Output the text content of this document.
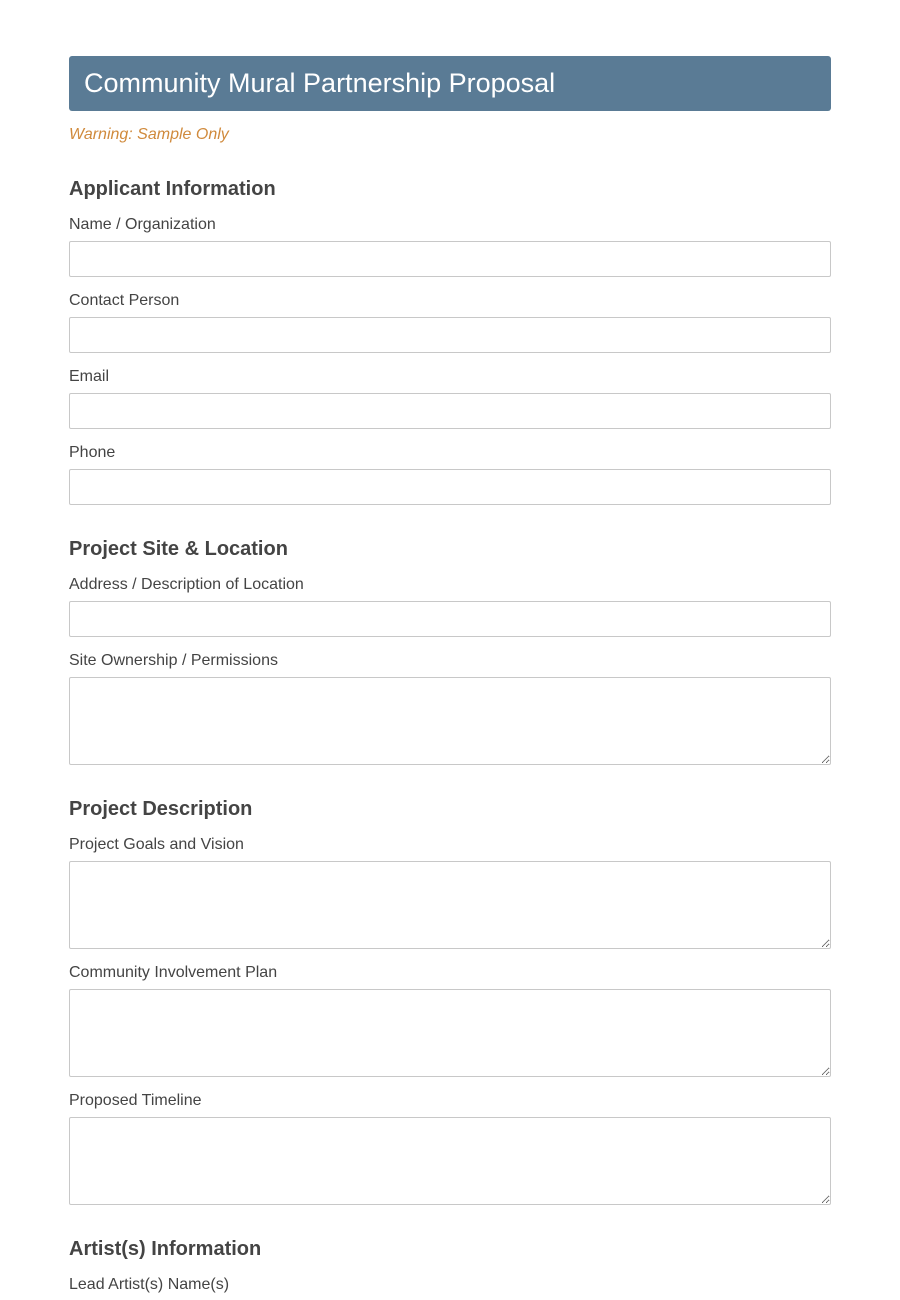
Community Mural Partnership Proposal
Warning: Sample Only
Applicant Information
Name / Organization
Contact Person
Email
Phone
Project Site & Location
Address / Description of Location
Site Ownership / Permissions
Project Description
Project Goals and Vision
Community Involvement Plan
Proposed Timeline
Artist(s) Information
Lead Artist(s) Name(s)
